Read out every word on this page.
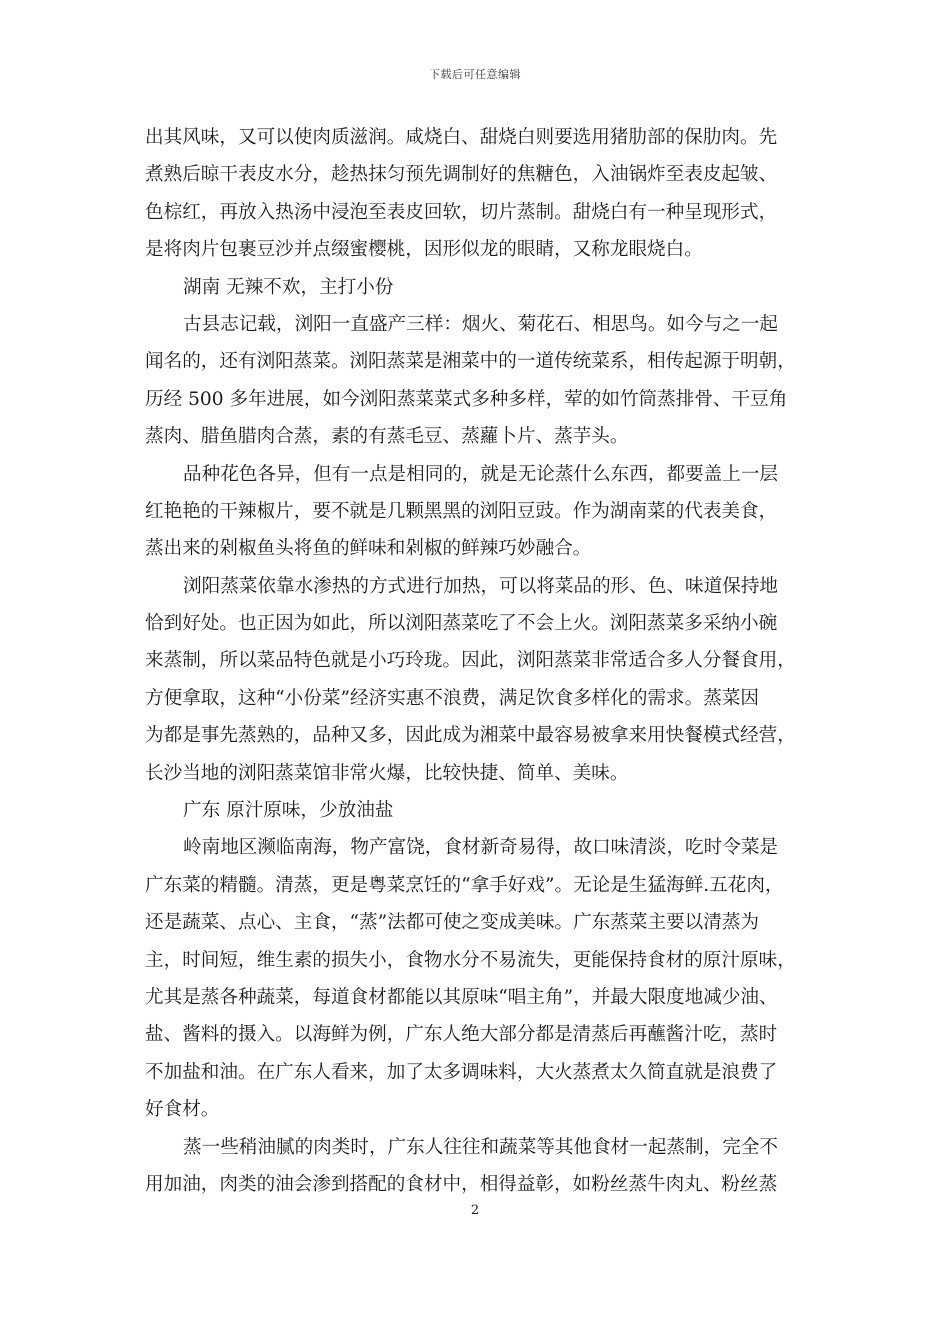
下载后可任意编辑
出其风味，又可以使肉质滋润。咸烧白、甜烧白则要选用猪肋部的保肋肉。先
煮熟后晾干表皮水分，趁热抹匀预先调制好的焦糖色，入油锅炸至表皮起皱、
色棕红，再放入热汤中浸泡至表皮回软，切片蒸制。甜烧白有一种呈现形式，
是将肉片包裹豆沙并点缀蜜樱桃，因形似龙的眼睛，又称龙眼烧白。
湖南 无辣不欢，主打小份
古县志记载，浏阳一直盛产三样：烟火、菊花石、相思鸟。如今与之一起
闻名的，还有浏阳蒸菜。浏阳蒸菜是湘菜中的一道传统菜系，相传起源于明朝，
历经 500 多年进展，如今浏阳蒸菜菜式多种多样，荤的如竹筒蒸排骨、干豆角
蒸肉、腊鱼腊肉合蒸，素的有蒸毛豆、蒸蘿卜片、蒸芋头。
品种花色各异，但有一点是相同的，就是无论蒸什么东西，都要盖上一层
红艳艳的干辣椒片，要不就是几颗黑黑的浏阳豆豉。作为湖南菜的代表美食，
蒸出来的剁椒鱼头将鱼的鲜味和剁椒的鲜辣巧妙融合。
浏阳蒸菜依靠水渗热的方式进行加热，可以将菜品的形、色、味道保持地
恰到好处。也正因为如此，所以浏阳蒸菜吃了不会上火。浏阳蒸菜多采纳小碗
来蒸制，所以菜品特色就是小巧玲珑。因此，浏阳蒸菜非常适合多人分餐食用，
方便拿取，这种“小份菜”经济实惠不浪费，满足饮食多样化的需求。蒸菜因
为都是事先蒸熟的，品种又多，因此成为湘菜中最容易被拿来用快餐模式经营，
长沙当地的浏阳蒸菜馆非常火爆，比较快捷、简单、美味。
广东 原汁原味，少放油盐
岭南地区濒临南海，物产富饶，食材新奇易得，故口味清淡，吃时令菜是
广东菜的精髓。清蒸，更是粤菜烹饪的“拿手好戏”。无论是生猛海鲜.五花肉，
还是蔬菜、点心、主食，“蒸”法都可使之变成美味。广东蒸菜主要以清蒸为
主，时间短，维生素的损失小，食物水分不易流失，更能保持食材的原汁原味，
尤其是蒸各种蔬菜，每道食材都能以其原味“唱主角”，并最大限度地减少油、
盐、酱料的摄入。以海鲜为例，广东人绝大部分都是清蒸后再蘸酱汁吃，蒸时
不加盐和油。在广东人看来，加了太多调味料，大火蒸煮太久简直就是浪费了
好食材。
蒸一些稍油腻的肉类时，广东人往往和蔬菜等其他食材一起蒸制，完全不
用加油，肉类的油会渗到搭配的食材中，相得益彰，如粉丝蒸牛肉丸、粉丝蒸
2
